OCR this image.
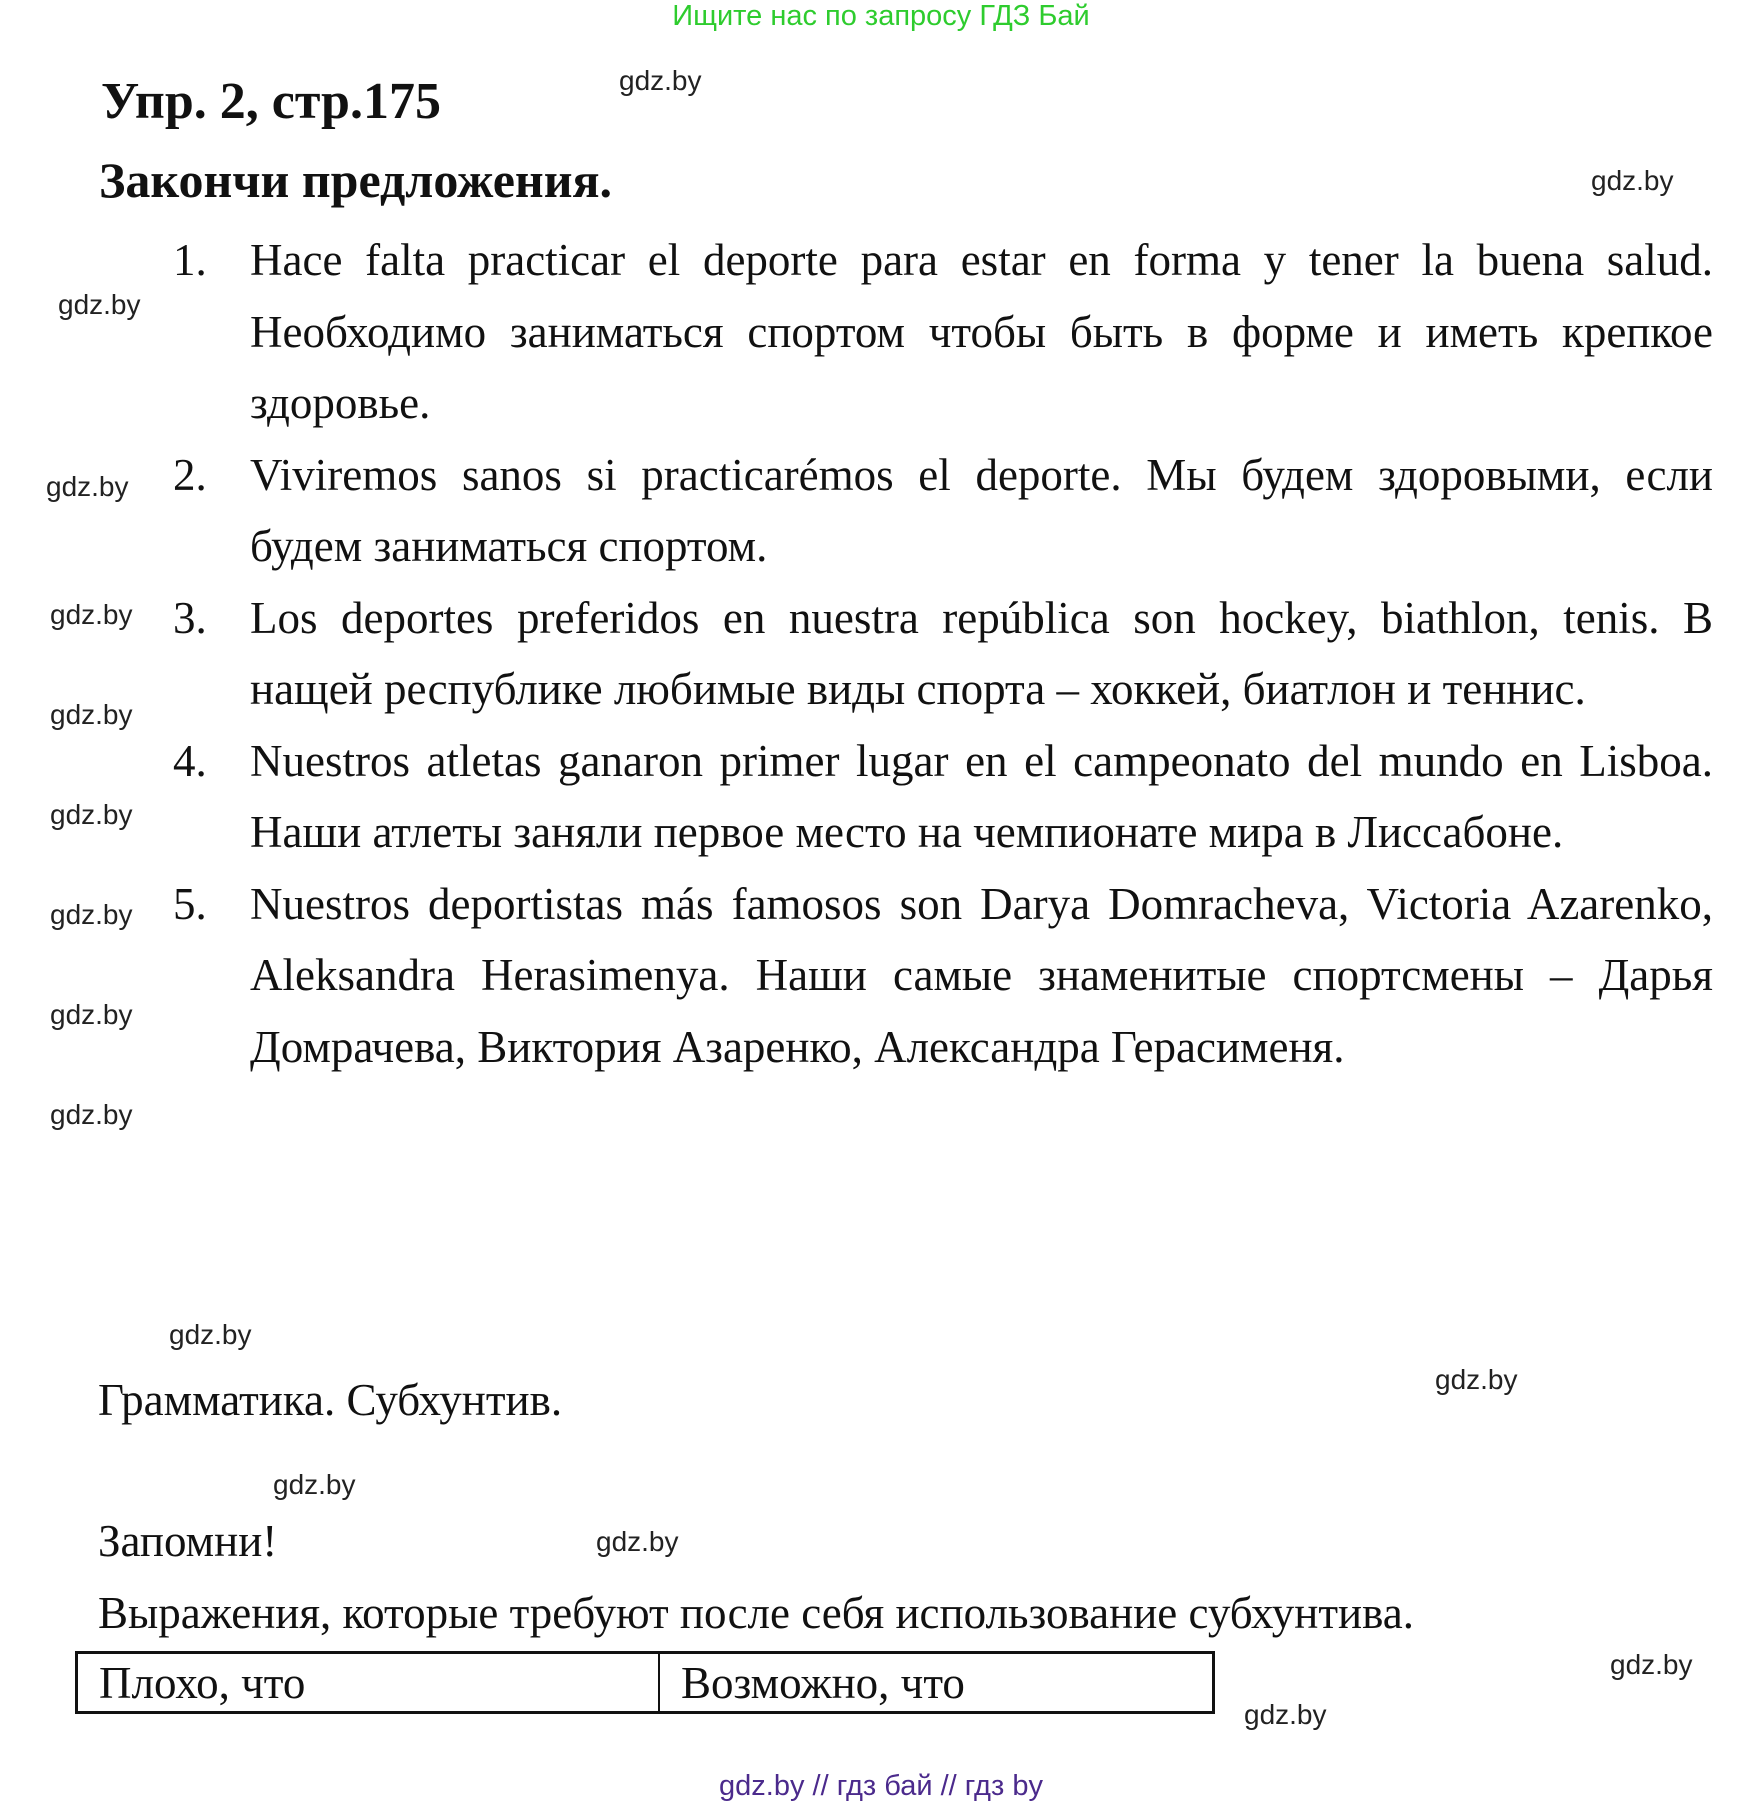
Ищите нас по запросу ГДЗ Бай
Упр. 2, стр.175
Закончи предложения.
1. Hace falta practicar el deporte para estar en forma y tener la buena salud. Необходимо заниматься спортом чтобы быть в форме и иметь крепкое здоровье.
2. Viviremos sanos si practicarémos el deporte. Мы будем здоровыми, если будем заниматься спортом.
3. Los deportes preferidos en nuestra república son hockey, biathlon, tenis. В нащей республике любимые виды спорта – хоккей, биатлон и теннис.
4. Nuestros atletas ganaron primer lugar en el campeonato del mundo en Lisboa. Наши атлеты заняли первое место на чемпионате мира в Лиссабоне.
5. Nuestros deportistas más famosos son Darya Domracheva, Victoria Azarenko, Aleksandra Herasimenya. Наши самые знаменитые спортсмены – Дарья Домрачева, Виктория Азаренко, Александра Герасименя.
gdz.by
gdz.by
gdz.by
gdz.by
gdz.by
gdz.by
gdz.by
gdz.by
gdz.by
gdz.by
gdz.by
Грамматика. Субхунтив.
Запомни!
Выражения, которые требуют после себя использование субхунтива.
Плохо, что	Возможно, что
gdz.by
gdz.by
gdz.by
gdz.by
gdz.by
gdz.by // гдз бай // гдз by
